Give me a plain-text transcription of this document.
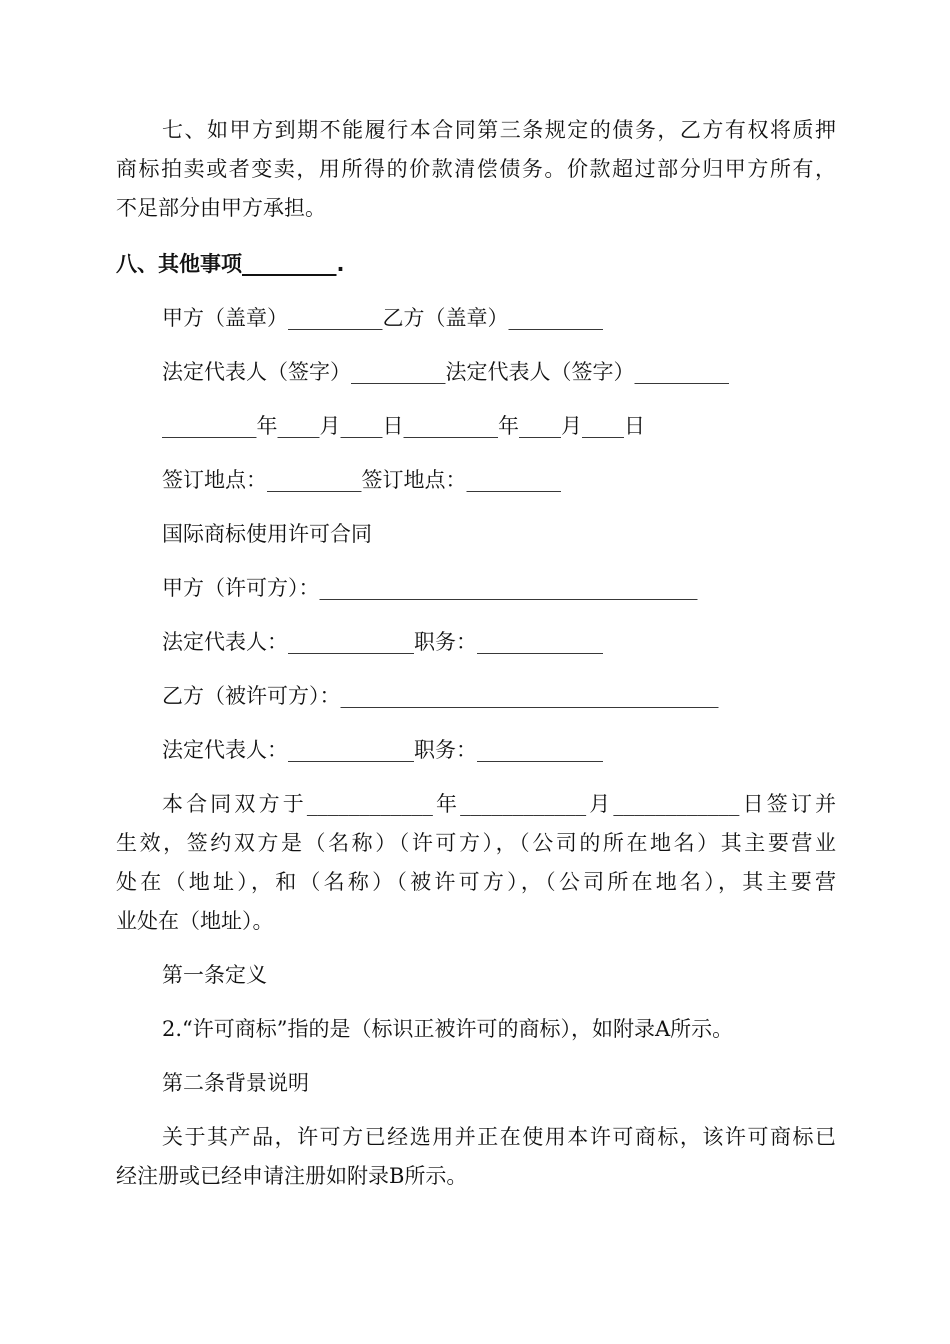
七、如甲方到期不能履行本合同第三条规定的债务，乙方有权将质押
商标拍卖或者变卖，用所得的价款清偿债务。价款超过部分归甲方所有，
不足部分由甲方承担。
八、其他事项_________.
甲方（盖章）_________乙方（盖章）_________
法定代表人（签字）_________法定代表人（签字）_________
_________年____月____日_________年____月____日
签订地点：_________签订地点：_________
国际商标使用许可合同
甲方（许可方）：____________________________________
法定代表人：____________职务：____________
乙方（被许可方）：____________________________________
法定代表人：____________职务：____________
本合同双方于____________年____________月____________日签订并
生效，签约双方是（名称）（许可方），（公司的所在地名）其主要营业
处在（地址），和（名称）（被许可方），（公司所在地名），其主要营
业处在（地址）。
第一条定义
2.“许可商标”指的是（标识正被许可的商标），如附录A所示。
第二条背景说明
关于其产品，许可方已经选用并正在使用本许可商标，该许可商标已
经注册或已经申请注册如附录B所示。
